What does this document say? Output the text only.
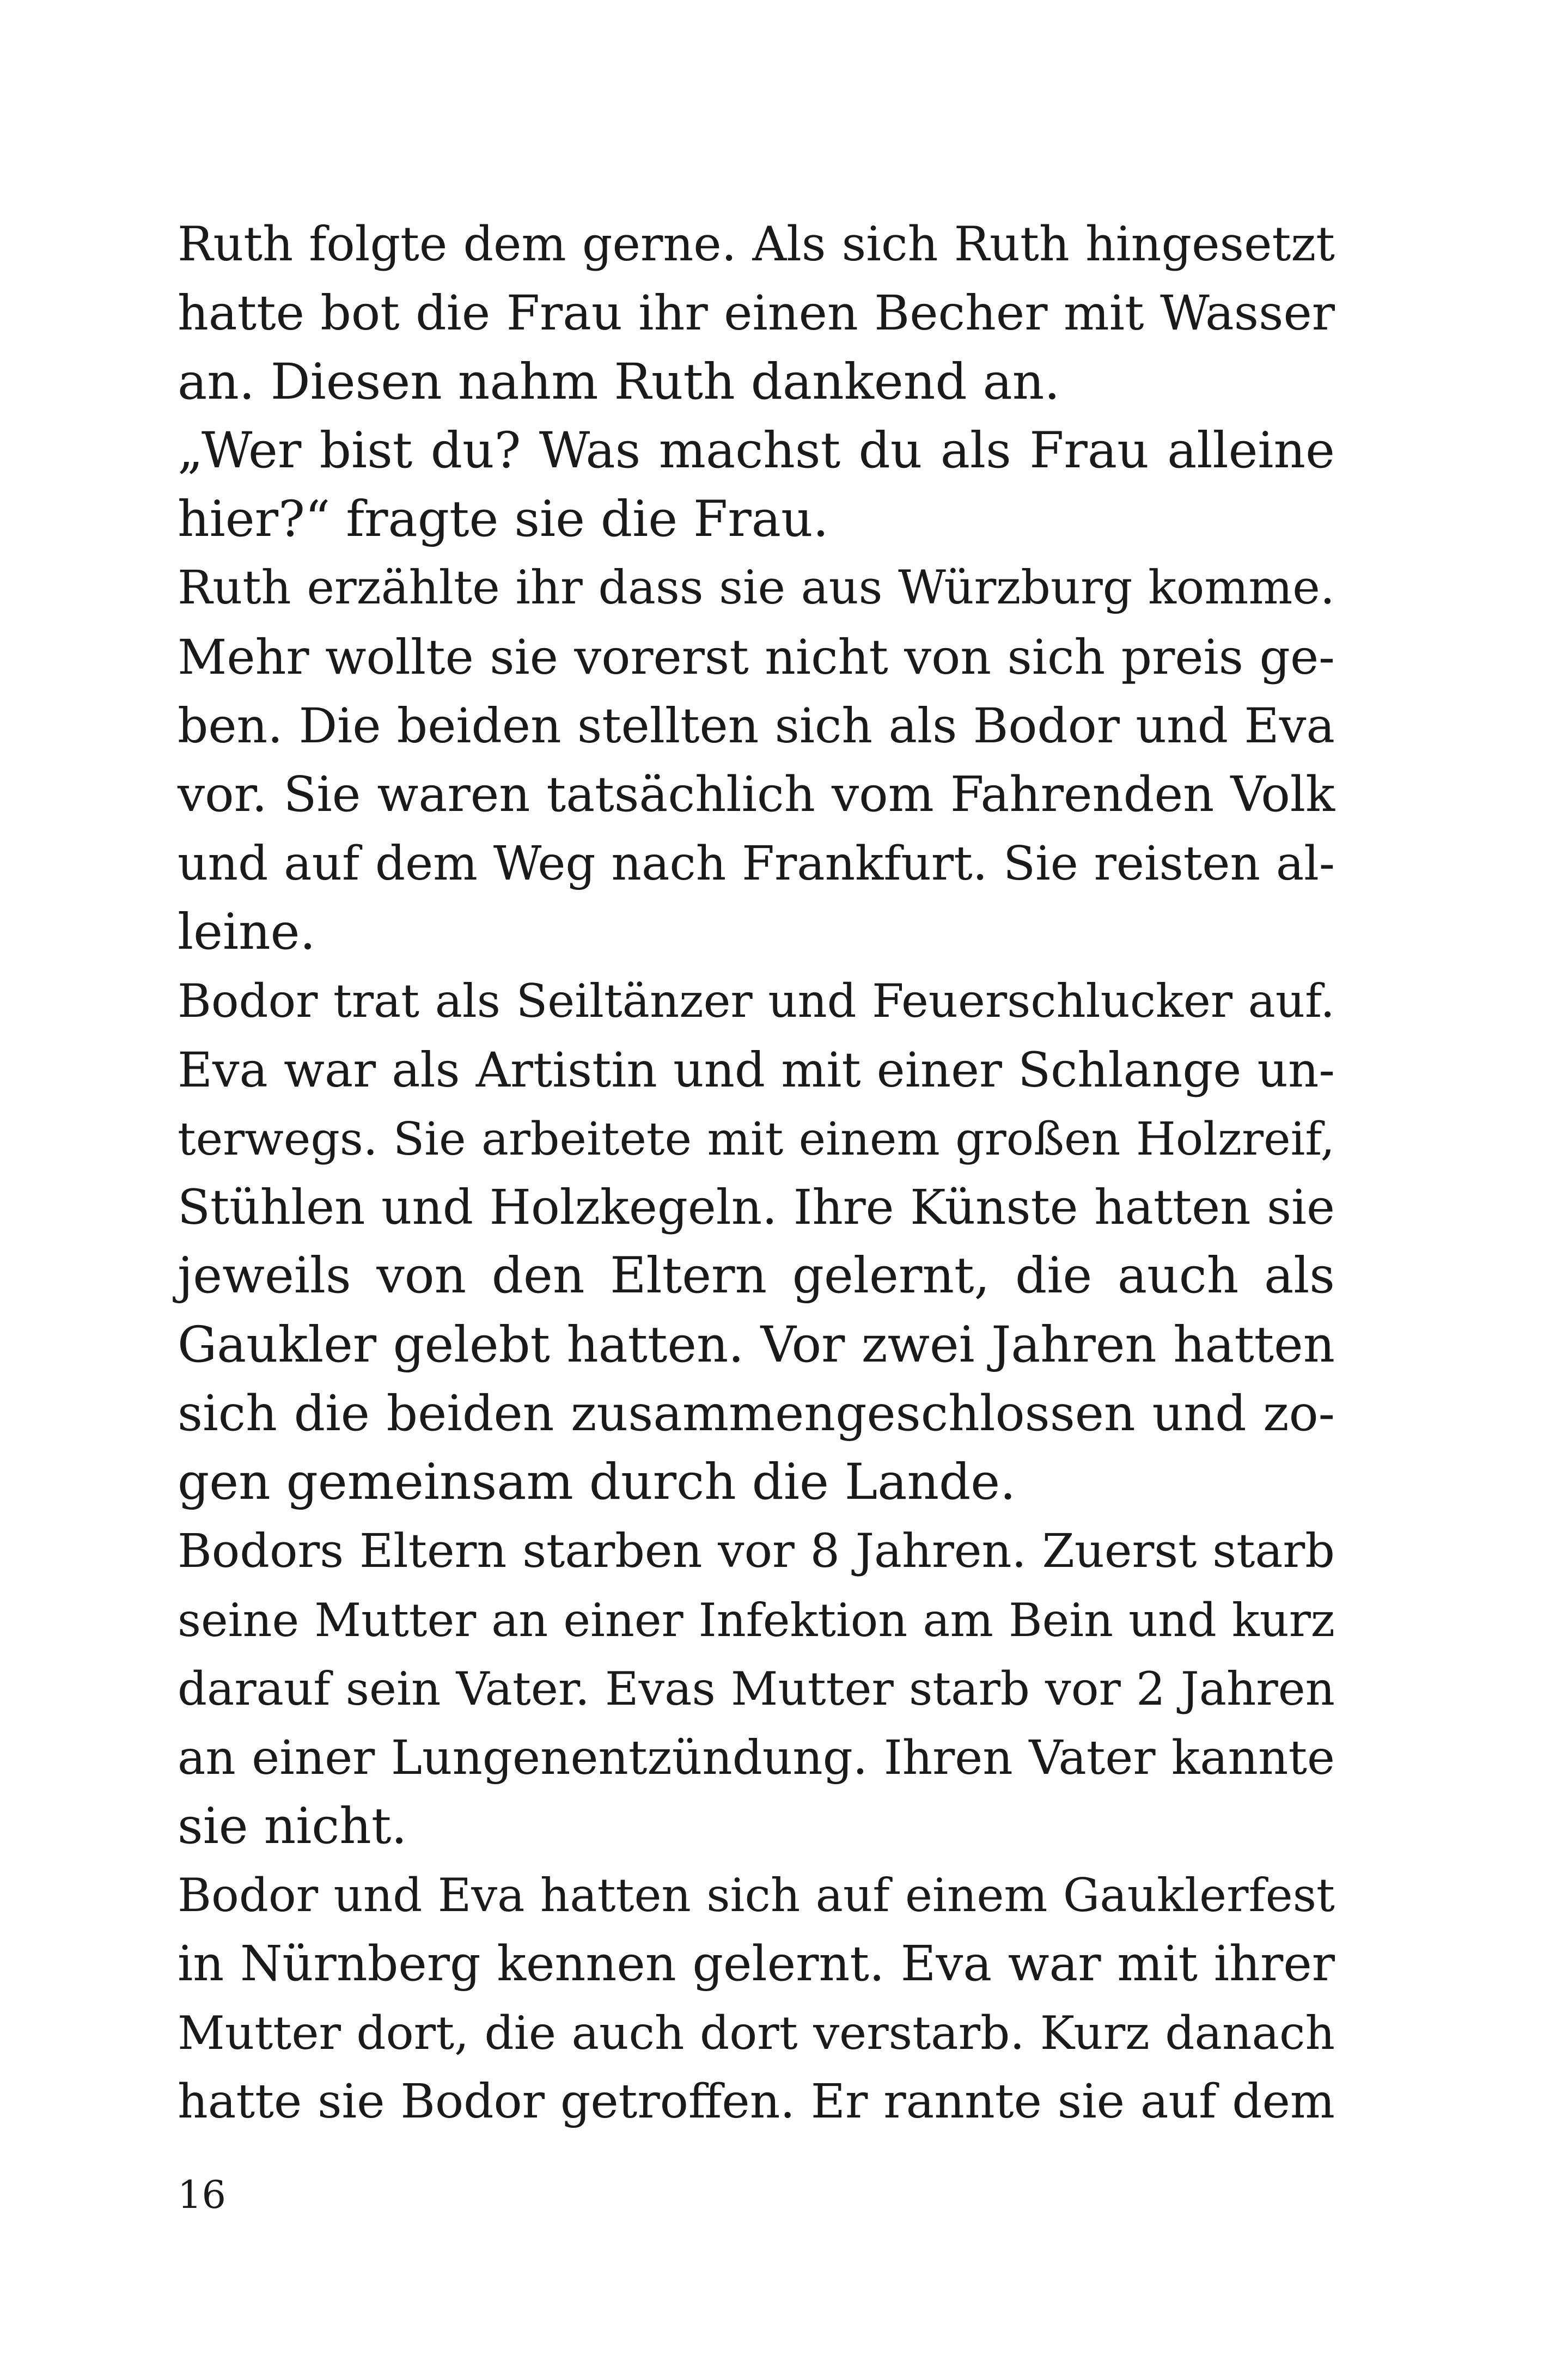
Ruth folgte dem gerne. Als sich Ruth hingesetzt
hatte bot die Frau ihr einen Becher mit Wasser
an. Diesen nahm Ruth dankend an.
„Wer bist du? Was machst du als Frau alleine
hier?“ fragte sie die Frau.
Ruth erzählte ihr dass sie aus Würzburg komme.
Mehr wollte sie vorerst nicht von sich preis ge-
ben. Die beiden stellten sich als Bodor und Eva
vor. Sie waren tatsächlich vom Fahrenden Volk
und auf dem Weg nach Frankfurt. Sie reisten al-
leine.
Bodor trat als Seiltänzer und Feuerschlucker auf.
Eva war als Artistin und mit einer Schlange un-
terwegs. Sie arbeitete mit einem großen Holzreif,
Stühlen und Holzkegeln. Ihre Künste hatten sie
jeweils von den Eltern gelernt, die auch als
Gaukler gelebt hatten. Vor zwei Jahren hatten
sich die beiden zusammengeschlossen und zo-
gen gemeinsam durch die Lande.
Bodors Eltern starben vor 8 Jahren. Zuerst starb
seine Mutter an einer Infektion am Bein und kurz
darauf sein Vater. Evas Mutter starb vor 2 Jahren
an einer Lungenentzündung. Ihren Vater kannte
sie nicht.
Bodor und Eva hatten sich auf einem Gauklerfest
in Nürnberg kennen gelernt. Eva war mit ihrer
Mutter dort, die auch dort verstarb. Kurz danach
hatte sie Bodor getroffen. Er rannte sie auf dem
16
